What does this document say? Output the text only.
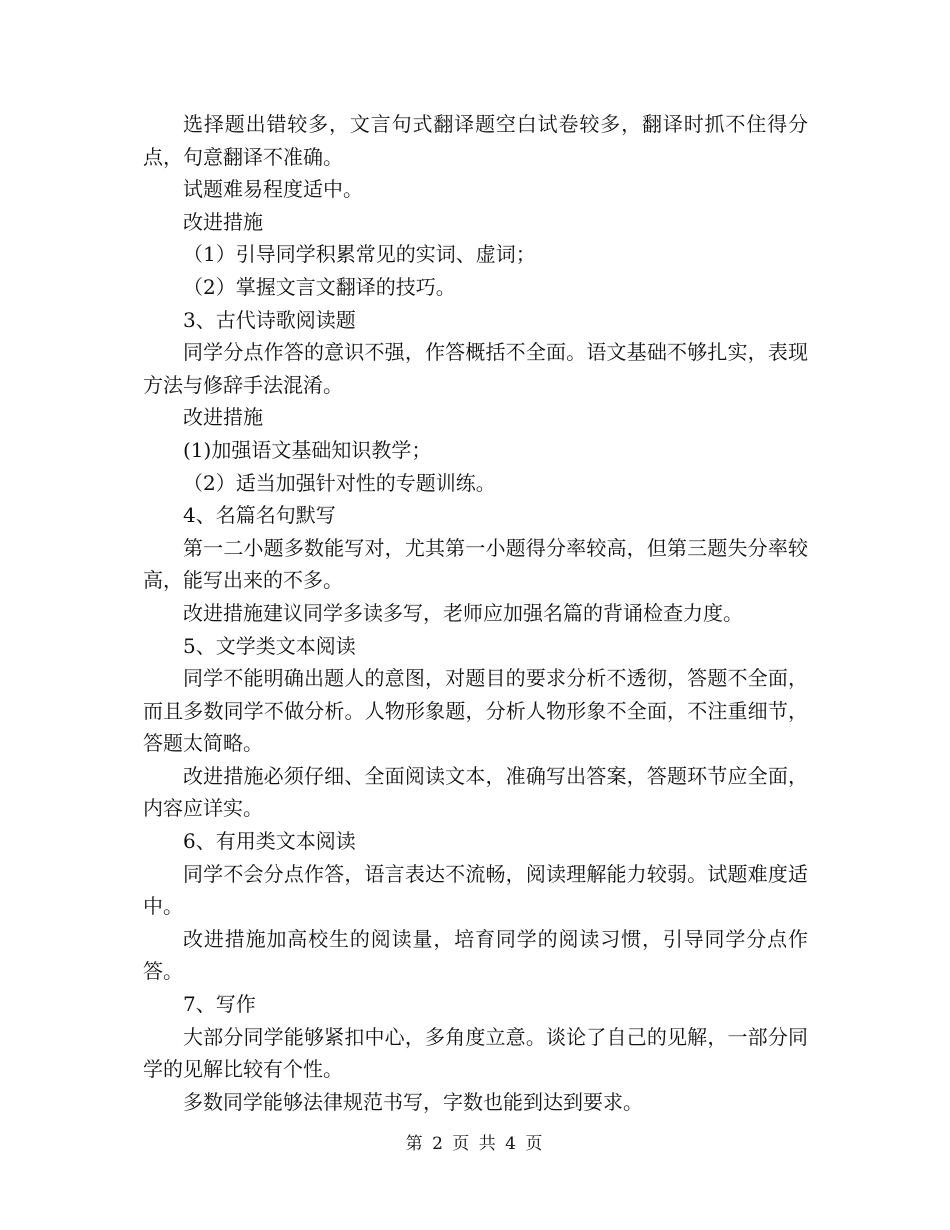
选择题出错较多，文言句式翻译题空白试卷较多，翻译时抓不住得分点，句意翻译不准确。

试题难易程度适中。

改进措施

（1）引导同学积累常见的实词、虚词；

（2）掌握文言文翻译的技巧。

3、古代诗歌阅读题

同学分点作答的意识不强，作答概括不全面。语文基础不够扎实，表现方法与修辞手法混淆。

改进措施

(1)加强语文基础知识教学；

（2）适当加强针对性的专题训练。

4、名篇名句默写

第一二小题多数能写对，尤其第一小题得分率较高，但第三题失分率较高，能写出来的不多。

改进措施建议同学多读多写，老师应加强名篇的背诵检查力度。

5、文学类文本阅读

同学不能明确出题人的意图，对题目的要求分析不透彻，答题不全面，而且多数同学不做分析。人物形象题，分析人物形象不全面，不注重细节，答题太简略。

改进措施必须仔细、全面阅读文本，准确写出答案，答题环节应全面，内容应详实。

6、有用类文本阅读

同学不会分点作答，语言表达不流畅，阅读理解能力较弱。试题难度适中。

改进措施加高校生的阅读量，培育同学的阅读习惯，引导同学分点作答。

7、写作

大部分同学能够紧扣中心，多角度立意。谈论了自己的见解，一部分同学的见解比较有个性。

多数同学能够法律规范书写，字数也能到达到要求。

第 2 页 共 4 页
